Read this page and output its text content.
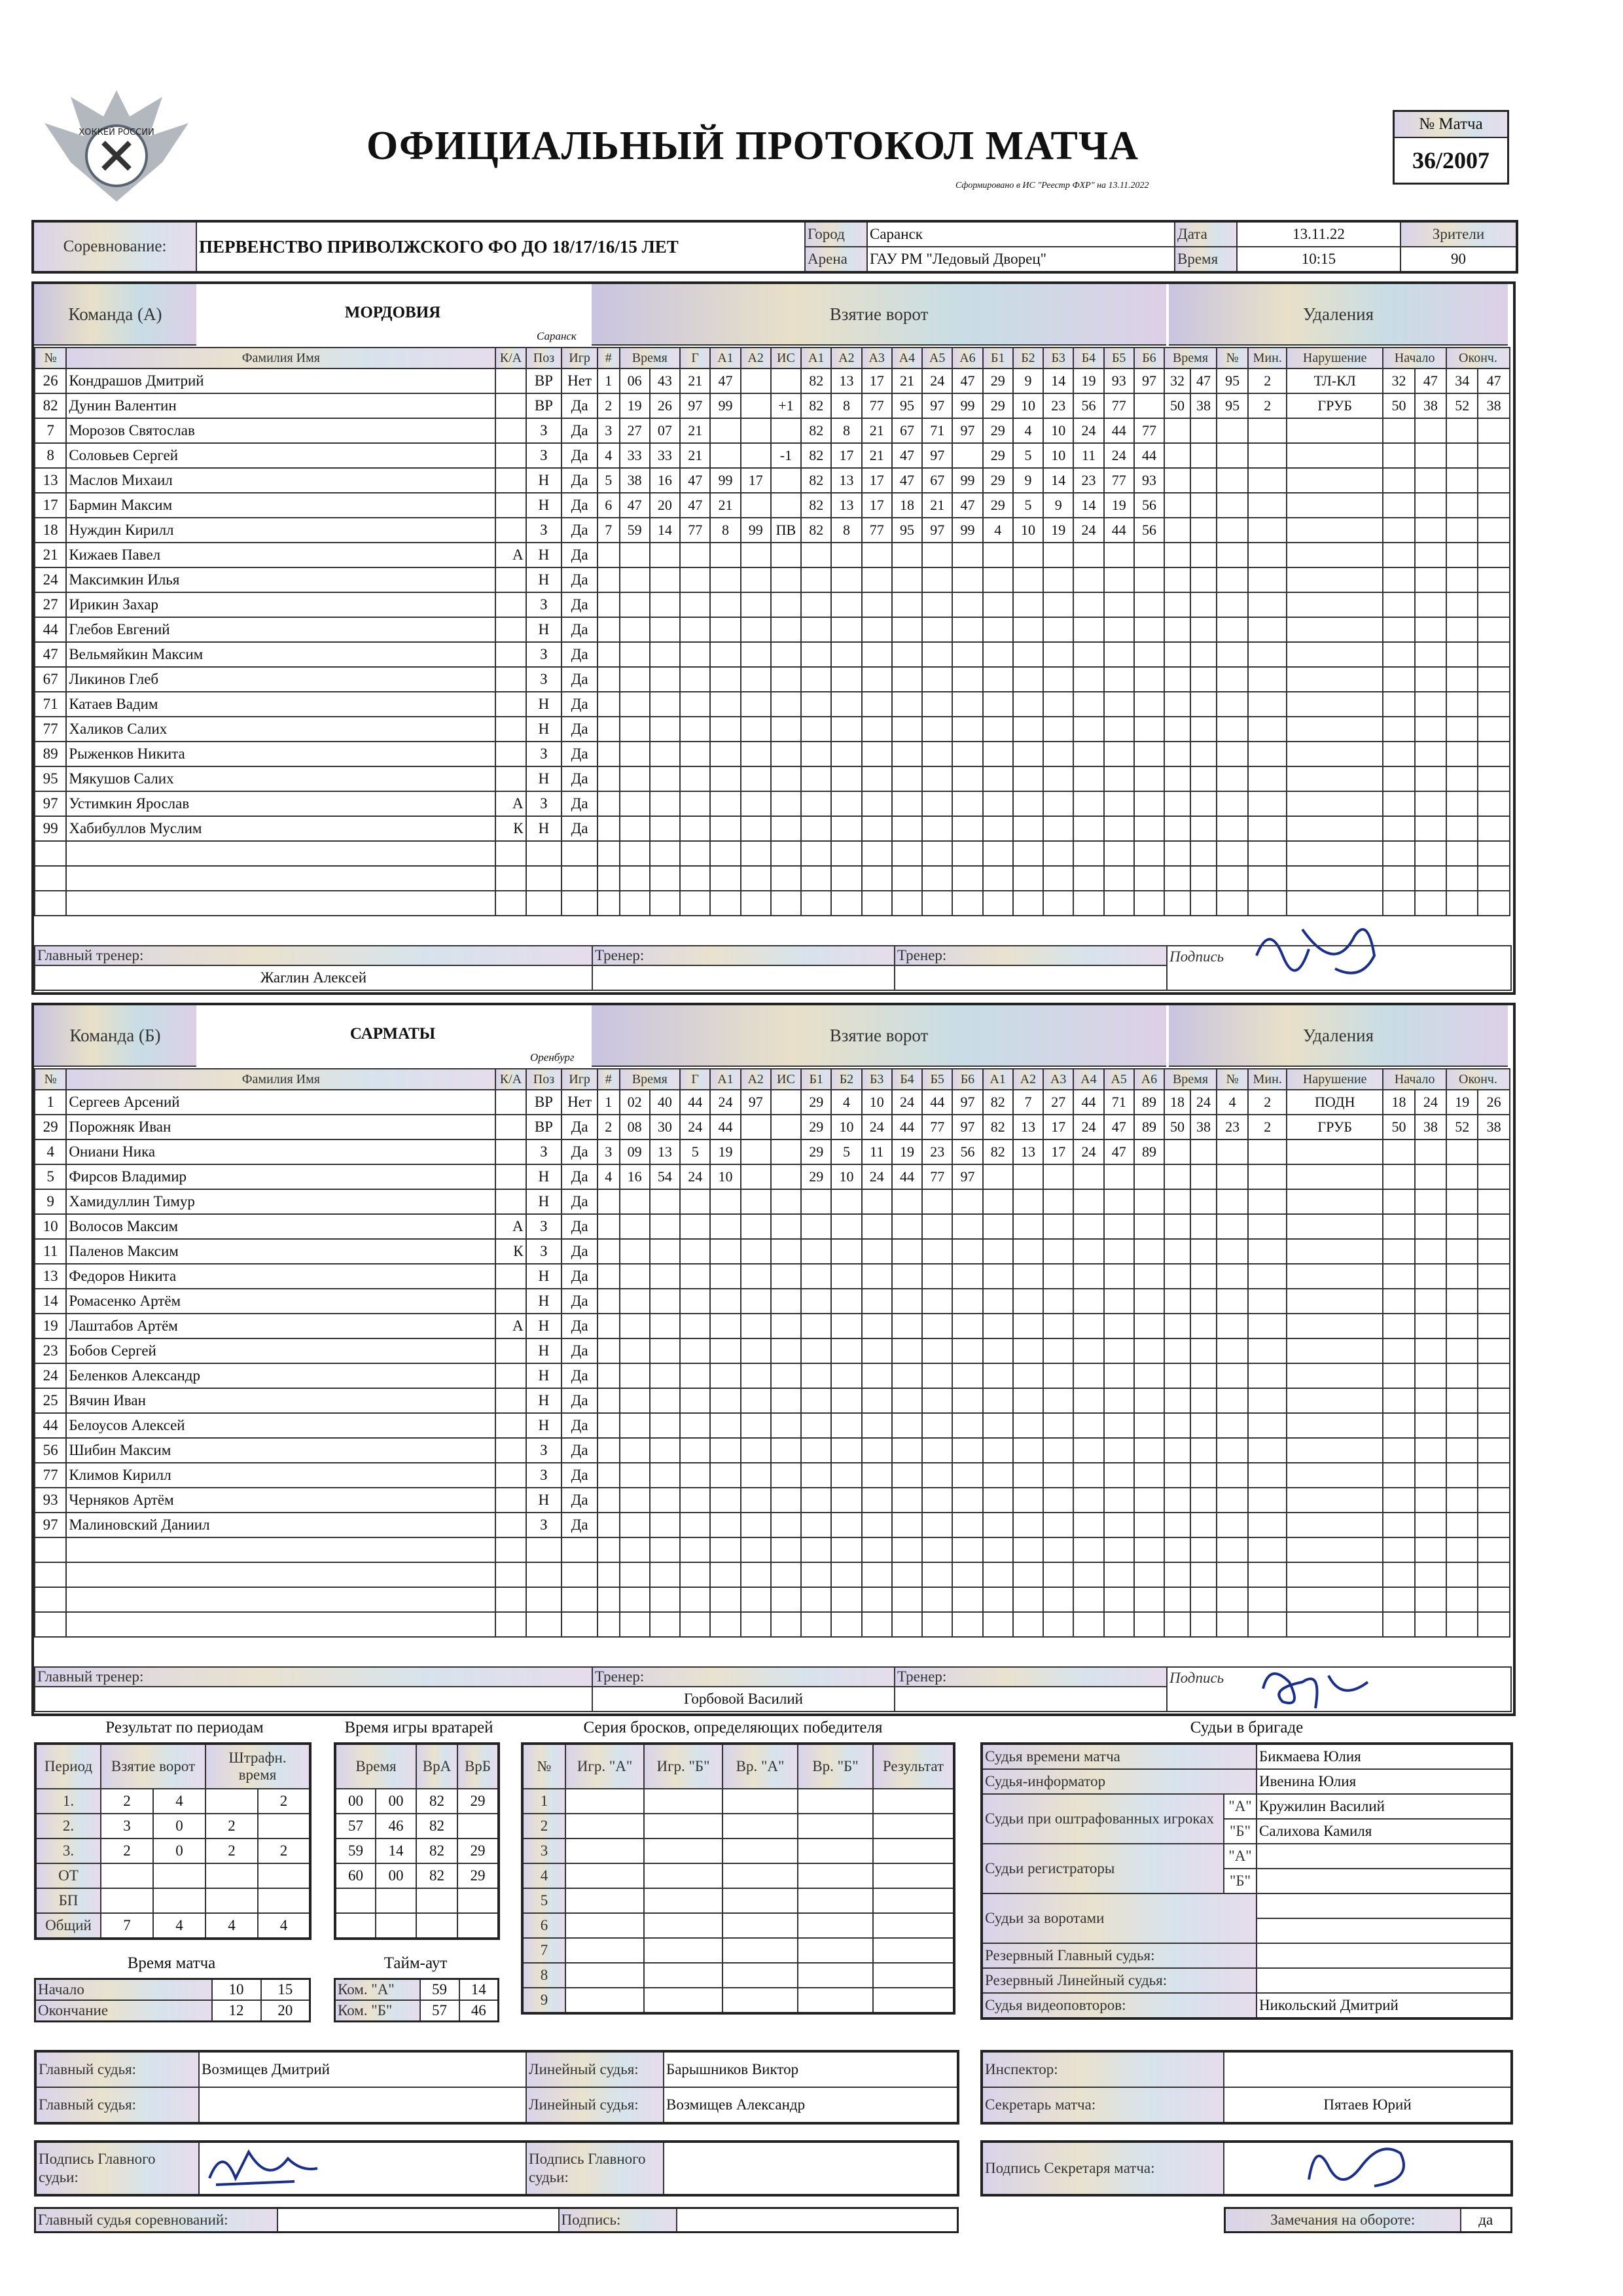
ХОККЕЙ РОССИИ	ОФИЦИАЛЬНЫЙ ПРОТОКОЛ МАТЧА
Сформировано в ИС "Реестр ФХР" на 13.11.2022
№ Матча
36/2007
Соревнование:	ПЕРВЕНСТВО ПРИВОЛЖСКОГО ФО ДО 18/17/16/15 ЛЕТ	Город	Саранск	Дата	13.11.22	Зрители
		Арена	ГАУ РМ "Ледовый Дворец"	Время	10:15	90
Команда (А)	МОРДОВИЯ
Саранск
Взятие ворот	Удаления
№	Фамилия Имя	К/А	Поз	Игр	#	Время		Г	А1	А2	ИС	А1	А2	А3	А4	А5	А6	Б1	Б2	Б3	Б4	Б5	Б6	Время		№	Мин.	Нарушение	Начало		Оконч.	
26	Кондрашов Дмитрий		ВР	Нет	1	06	43	21	47			82	13	17	21	24	47	29	9	14	19	93	97	32	47	95	2	ТЛ-КЛ	32	47	34	47
82	Дунин Валентин		ВР	Да	2	19	26	97	99		+1	82	8	77	95	97	99	29	10	23	56	77		50	38	95	2	ГРУБ	50	38	52	38
7	Морозов Святослав		З	Да	3	27	07	21				82	8	21	67	71	97	29	4	10	24	44	77									
8	Соловьев Сергей		З	Да	4	33	33	21			-1	82	17	21	47	97		29	5	10	11	24	44									
13	Маслов Михаил		Н	Да	5	38	16	47	99	17		82	13	17	47	67	99	29	9	14	23	77	93									
17	Бармин Максим		Н	Да	6	47	20	47	21			82	13	17	18	21	47	29	5	9	14	19	56									
18	Нуждин Кирилл		З	Да	7	59	14	77	8	99	ПВ	82	8	77	95	97	99	4	10	19	24	44	56									
21	Кижаев Павел	А	Н	Да																												
24	Максимкин Илья		Н	Да																												
27	Ирикин Захар		З	Да																												
44	Глебов Евгений		Н	Да																												
47	Вельмяйкин Максим		З	Да																												
67	Ликинов Глеб		З	Да																												
71	Катаев Вадим		Н	Да																												
77	Халиков Салих		Н	Да																												
89	Рыженков Никита		З	Да																												
95	Мякушов Салих		Н	Да																												
97	Устимкин Ярослав	А	З	Да																												
99	Хабибуллов Муслим	К	Н	Да																												

Главный тренер:	Тренер:	Тренер:	Подпись
Жаглин Алексей			
Команда (Б)	САРМАТЫ
Оренбург
Взятие ворот	Удаления
№	Фамилия Имя	К/А	Поз	Игр	#	Время		Г	А1	А2	ИС	Б1	Б2	Б3	Б4	Б5	Б6	А1	А2	А3	А4	А5	А6	Время		№	Мин.	Нарушение	Начало		Оконч.	
1	Сергеев Арсений		ВР	Нет	1	02	40	44	24	97		29	4	10	24	44	97	82	7	27	44	71	89	18	24	4	2	ПОДН	18	24	19	26
29	Порожняк Иван		ВР	Да	2	08	30	24	44			29	10	24	44	77	97	82	13	17	24	47	89	50	38	23	2	ГРУБ	50	38	52	38
4	Ониани Ника		З	Да	3	09	13	5	19			29	5	11	19	23	56	82	13	17	24	47	89									
5	Фирсов Владимир		Н	Да	4	16	54	24	10			29	10	24	44	77	97															
9	Хамидуллин Тимур		Н	Да																												
10	Волосов Максим	А	З	Да																												
11	Паленов Максим	К	З	Да																												
13	Федоров Никита		Н	Да																												
14	Ромасенко Артём		Н	Да																												
19	Лаштабов Артём	А	Н	Да																												
23	Бобов Сергей		Н	Да																												
24	Беленков Александр		Н	Да																												
25	Вячин Иван		Н	Да																												
44	Белоусов Алексей		Н	Да																												
56	Шибин Максим		З	Да																												
77	Климов Кирилл		З	Да																												
93	Черняков Артём		Н	Да																												
97	Малиновский Даниил		З	Да																												

Главный тренер:	Тренер:	Тренер:	Подпись
	Горбовой Василий		
Результат по периодам
Период	Взятие ворот		Штрафн. время	
1.	2	4		2
2.	3	0	2	
3.	2	0	2	2
ОТ				
БП				
Общий	7	4	4	4
Время матча
Начало	10	15
Окончание	12	20
Время игры вратарей
Время		ВрА	ВрБ
00	00	82	29
57	46	82	
59	14	82	29
60	00	82	29

Тайм-аут
Ком. "А"	59	14
Ком. "Б"	57	46
Серия бросков, определяющих победителя
№	Игр. "А"	Игр. "Б"	Вр. "А"	Вр. "Б"	Результат
1					
2					
3					
4					
5					
6					
7					
8					
9					
Судьи в бригаде
Судья времени матча		Бикмаева Юлия
Судья-информатор		Ивенина Юлия
Судьи при оштрафованных игроках	"А"	Кружилин Василий
	"Б"	Салихова Камиля
Судьи регистраторы	"А"	
	"Б"	
Судьи за воротами		

Резервный Главный судья:		
Резервный Линейный судья:		
Судья видеоповторов:		Никольский Дмитрий
Главный судья:	Возмищев Дмитрий	Линейный судья:	Барышников Виктор
Главный судья:		Линейный судья:	Возмищев Александр
Инспектор:	
Секретарь матча:	Пятаев Юрий
Подпись Главного судьи:		Подпись Главного судьи:	
Подпись Секретаря матча:	
Главный судья соревнований:		Подпись:		Замечания на обороте:	да
